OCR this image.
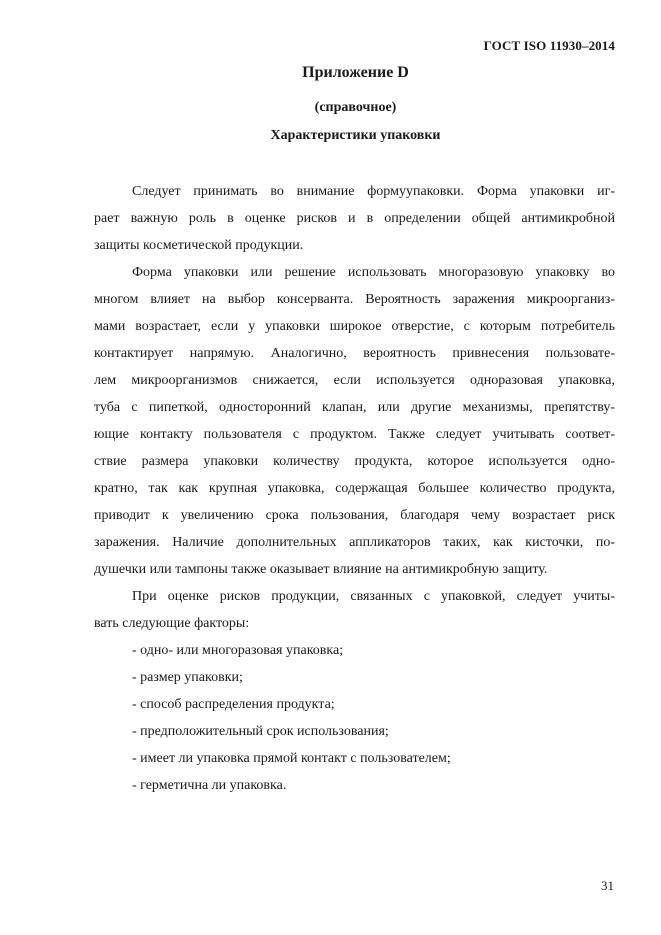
ГОСТ ISO 11930–2014
Приложение D
(справочное)
Характеристики упаковки
Следует принимать во внимание формуупаковки. Форма упаковки иг-
рает важную роль в оценке рисков и в определении общей антимикробной
защиты косметической продукции.
Форма упаковки или решение использовать многоразовую упаковку во
многом влияет на выбор консерванта. Вероятность заражения микроорганиз-
мами возрастает, если у упаковки широкое отверстие, с которым потребитель
контактирует напрямую. Аналогично, вероятность привнесения пользовате-
лем микроорганизмов снижается, если используется одноразовая упаковка,
туба с пипеткой, односторонний клапан, или другие механизмы, препятству-
ющие контакту пользователя с продуктом. Также следует учитывать соответ-
ствие размера упаковки количеству продукта, которое используется одно-
кратно, так как крупная упаковка, содержащая большее количество продукта,
приводит к увеличению срока пользования, благодаря чему возрастает риск
заражения. Наличие дополнительных аппликаторов таких, как кисточки, по-
душечки или тампоны также оказывает влияние на антимикробную защиту.
При оценке рисков продукции, связанных с упаковкой, следует учиты-
вать следующие факторы:
- одно- или многоразовая упаковка;
- размер упаковки;
- способ распределения продукта;
- предположительный срок использования;
- имеет ли упаковка прямой контакт с пользователем;
- герметична ли упаковка.
31
